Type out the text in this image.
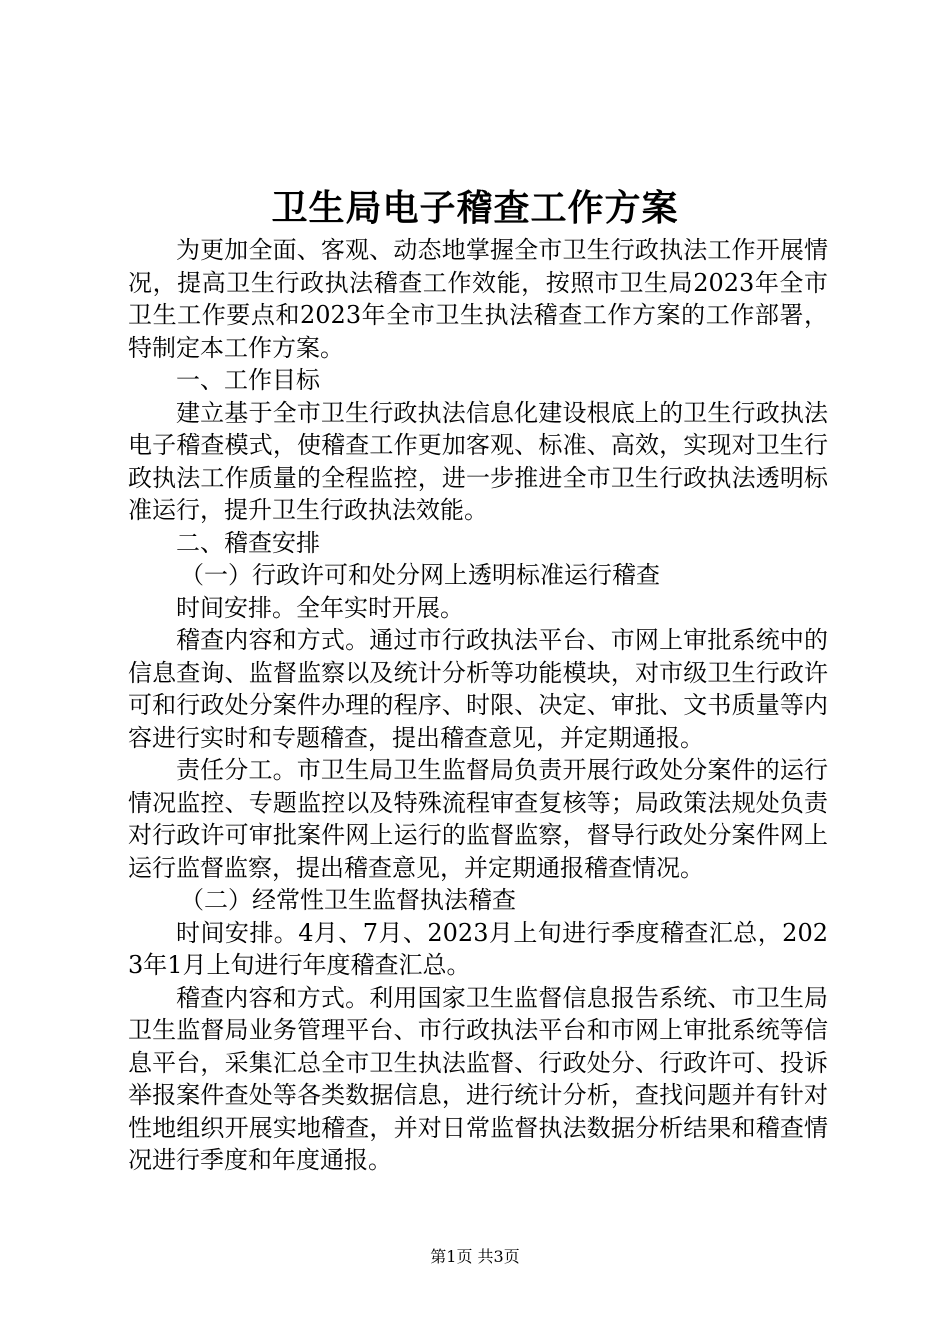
卫生局电子稽查工作方案

为更加全面、客观、动态地掌握全市卫生行政执法工作开展情况，提高卫生行政执法稽查工作效能，按照市卫生局2023年全市卫生工作要点和2023年全市卫生执法稽查工作方案的工作部署，特制定本工作方案。

一、工作目标

建立基于全市卫生行政执法信息化建设根底上的卫生行政执法电子稽查模式，使稽查工作更加客观、标准、高效，实现对卫生行政执法工作质量的全程监控，进一步推进全市卫生行政执法透明标准运行，提升卫生行政执法效能。

二、稽查安排

（一）行政许可和处分网上透明标准运行稽查

时间安排。全年实时开展。

稽查内容和方式。通过市行政执法平台、市网上审批系统中的信息查询、监督监察以及统计分析等功能模块，对市级卫生行政许可和行政处分案件办理的程序、时限、决定、审批、文书质量等内容进行实时和专题稽查，提出稽查意见，并定期通报。

责任分工。市卫生局卫生监督局负责开展行政处分案件的运行情况监控、专题监控以及特殊流程审查复核等；局政策法规处负责对行政许可审批案件网上运行的监督监察，督导行政处分案件网上运行监督监察，提出稽查意见，并定期通报稽查情况。

（二）经常性卫生监督执法稽查

时间安排。4月、7月、2023月上旬进行季度稽查汇总，2023年1月上旬进行年度稽查汇总。

稽查内容和方式。利用国家卫生监督信息报告系统、市卫生局卫生监督局业务管理平台、市行政执法平台和市网上审批系统等信息平台，采集汇总全市卫生执法监督、行政处分、行政许可、投诉举报案件查处等各类数据信息，进行统计分析，查找问题并有针对性地组织开展实地稽查，并对日常监督执法数据分析结果和稽查情况进行季度和年度通报。

第1页 共3页
